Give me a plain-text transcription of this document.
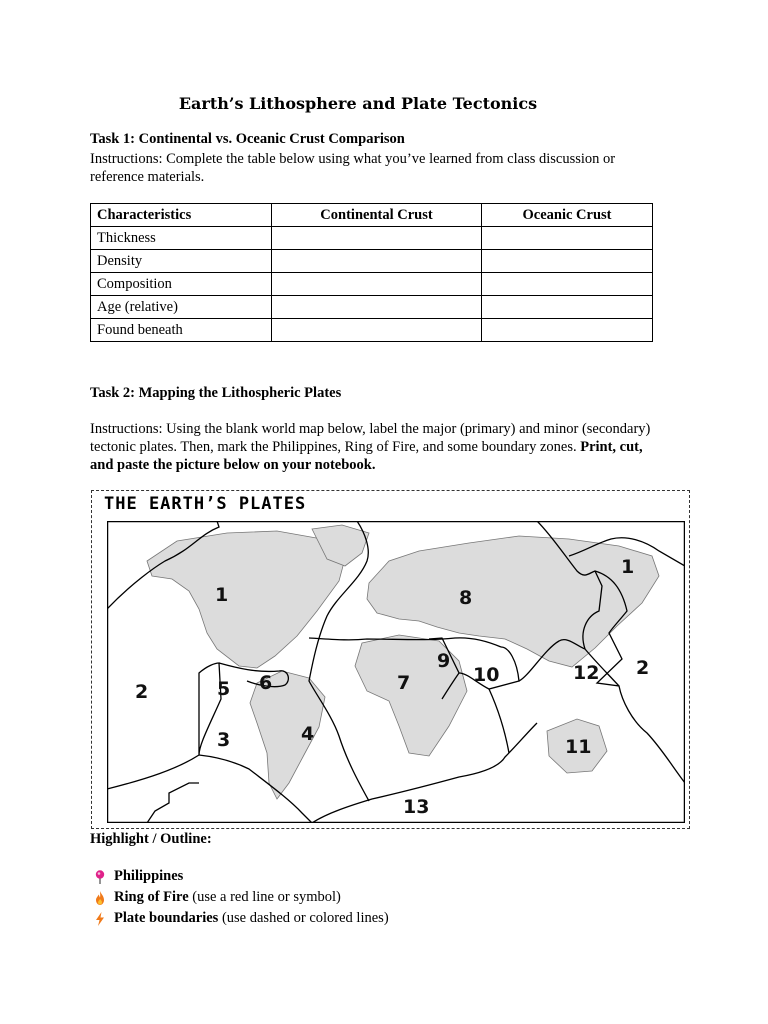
Earth’s Lithosphere and Plate Tectonics
Task 1: Continental vs. Oceanic Crust Comparison
Instructions: Complete the table below using what you’ve learned from class discussion or
reference materials.
Characteristics	Continental Crust	Oceanic Crust
Thickness		
Density		
Composition		
Age (relative)		
Found beneath		
Task 2: Mapping the Lithospheric Plates
Instructions: Using the blank world map below, label the major (primary) and minor (secondary)
tectonic plates. Then, mark the Philippines, Ring of Fire, and some boundary zones. Print, cut,
and paste the picture below on your notebook.
THE EARTH’S PLATES
1	8
1
2
9
10	12 2
5 6	7
3	4
11
13
Highlight / Outline:
Philippines
Ring of Fire (use a red line or symbol)
Plate boundaries (use dashed or colored lines)
